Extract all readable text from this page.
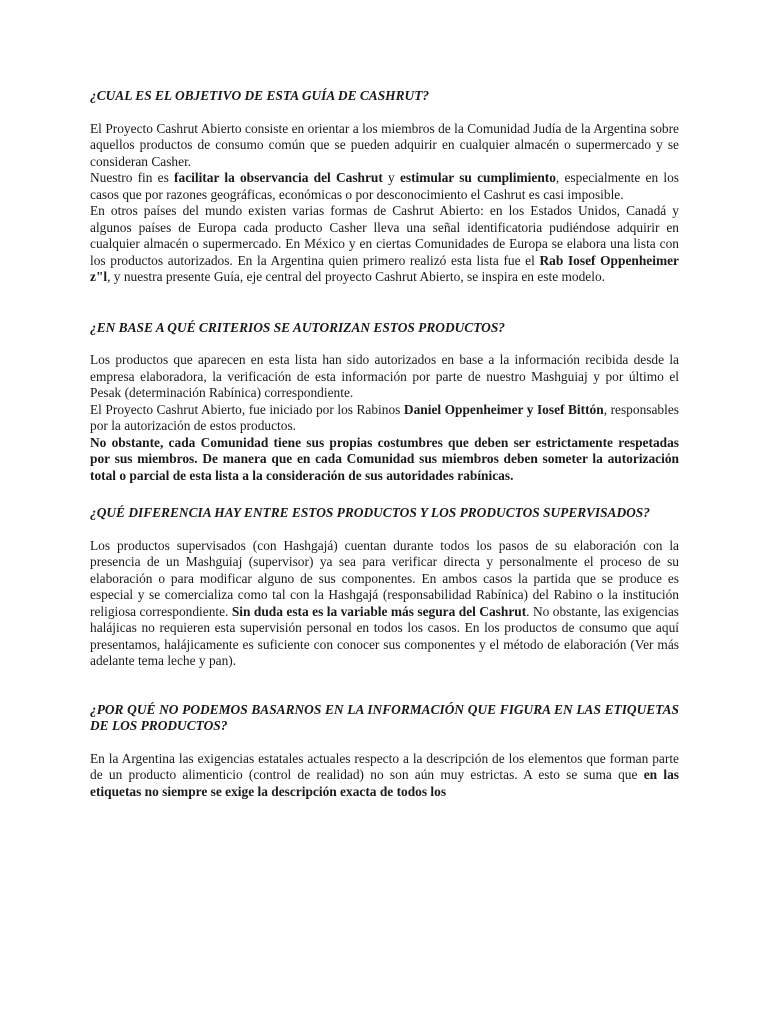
¿CUAL ES EL OBJETIVO DE ESTA GUÍA DE CASHRUT?

El Proyecto Cashrut Abierto consiste en orientar a los miembros de la Comunidad Judía de la Argentina sobre aquellos productos de consumo común que se pueden adquirir en cualquier almacén o supermercado y se consideran Casher.

Nuestro fin es facilitar la observancia del Cashrut y estimular su cumplimiento, especialmente en los casos que por razones geográficas, económicas o por desconocimiento el Cashrut es casi imposible.

En otros países del mundo existen varias formas de Cashrut Abierto: en los Estados Unidos, Canadá y algunos países de Europa cada producto Casher lleva una señal identificatoria pudiéndose adquirir en cualquier almacén o supermercado. En México y en ciertas Comunidades de Europa se elabora una lista con los productos autorizados. En la Argentina quien primero realizó esta lista fue el Rab Iosef Oppenheimer z"l, y nuestra presente Guía, eje central del proyecto Cashrut Abierto, se inspira en este modelo.

¿EN BASE A QUÉ CRITERIOS SE AUTORIZAN ESTOS PRODUCTOS?

Los productos que aparecen en esta lista han sido autorizados en base a la información recibida desde la empresa elaboradora, la verificación de esta información por parte de nuestro Mashguiaj y por último el Pesak (determinación Rabínica) correspondiente.

El Proyecto Cashrut Abierto, fue iniciado por los Rabinos Daniel Oppenheimer y Iosef Bittón, responsables por la autorización de estos productos.

No obstante, cada Comunidad tiene sus propias costumbres que deben ser estrictamente respetadas por sus miembros. De manera que en cada Comunidad sus miembros deben someter la autorización total o parcial de esta lista a la consideración de sus autoridades rabínicas.

¿QUÉ DIFERENCIA HAY ENTRE ESTOS PRODUCTOS Y LOS PRODUCTOS SUPERVISADOS?

Los productos supervisados (con Hashgajá) cuentan durante todos los pasos de su elaboración con la presencia de un Mashguiaj (supervisor) ya sea para verificar directa y personalmente el proceso de su elaboración o para modificar alguno de sus componentes. En ambos casos la partida que se produce es especial y se comercializa como tal con la Hashgajá (responsabilidad Rabínica) del Rabino o la institución religiosa correspondiente. Sin duda esta es la variable más segura del Cashrut. No obstante, las exigencias halájicas no requieren esta supervisión personal en todos los casos. En los productos de consumo que aquí presentamos, halájicamente es suficiente con conocer sus componentes y el método de elaboración (Ver más adelante tema leche y pan).

¿POR QUÉ NO PODEMOS BASARNOS EN LA INFORMACIÓN QUE FIGURA EN LAS ETIQUETAS DE LOS PRODUCTOS?

En la Argentina las exigencias estatales actuales respecto a la descripción de los elementos que forman parte de un producto alimenticio (control de realidad) no son aún muy estrictas. A esto se suma que en las etiquetas no siempre se exige la descripción exacta de todos los
